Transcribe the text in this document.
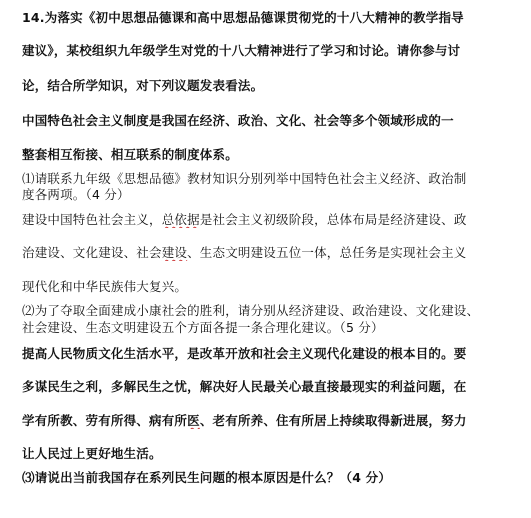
14.为落实《初中思想品德课和高中思想品德课贯彻党的十八大精神的教学指导
建议》，某校组织九年级学生对党的十八大精神进行了学习和讨论。请你参与讨
论，结合所学知识，对下列议题发表看法。
中国特色社会主义制度是我国在经济、政治、文化、社会等多个领域形成的一
整套相互衔接、相互联系的制度体系。
⑴请联系九年级《思想品德》教材知识分别列举中国特色社会主义经济、政治制
度各两项。（4 分）
建设中国特色社会主义，总依据是社会主义初级阶段，总体布局是经济建设、政
治建设、文化建设、社会建设、生态文明建设五位一体，总任务是实现社会主义
现代化和中华民族伟大复兴。
⑵为了夺取全面建成小康社会的胜利，请分别从经济建设、政治建设、文化建设、
社会建设、生态文明建设五个方面各提一条合理化建议。（5 分）
提高人民物质文化生活水平，是改革开放和社会主义现代化建设的根本目的。要
多谋民生之利，多解民生之忧，解决好人民最关心最直接最现实的利益问题，在
学有所教、劳有所得、病有所医、老有所养、住有所居上持续取得新进展，努力
让人民过上更好地生活。
⑶请说出当前我国存在系列民生问题的根本原因是什么？（4 分）
